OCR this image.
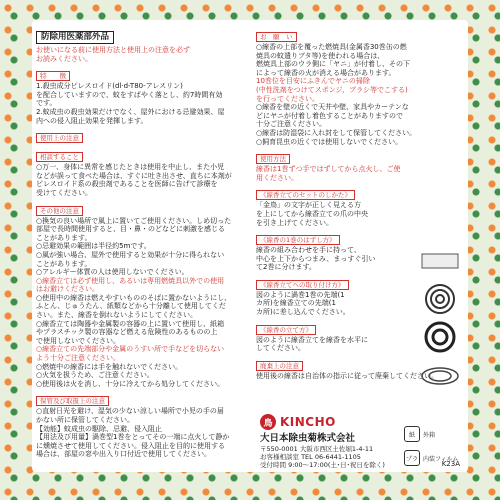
防除用医薬部外品
お使いになる前に使用方法と使用上の注意を必ず
お読みください。
特　　徴

1.殺虫成分ピレスロイド(dl·d-T80-アレスリン)
を配合していますので、蚊をすばやく落とし、約7時間有効
です。
2.蚊成虫の殺虫効果だけでなく、屋外における忌避効果、屋
内への侵入阻止効果を発揮します。
使用上の注意
相談すること

○万一、身体に異常を感じたときは使用を中止し、また小児
などが誤って食べた場合は、すぐに吐き出させ、直ちに本剤が
ピレスロイド系の殺虫剤であることを医師に告げて診療を
受けてください。
その他の注意

○換気の良い場所で風上に置いてご使用ください。しめ切った
部屋で長時間使用すると、目・鼻・のどなどに刺激を感じる
ことがあります。
○忌避効果の範囲は半径約5mです。
○風が強い場合、屋外で使用すると効果が十分に得られない
ことがあります。
○アレルギー体質の人は使用しないでください。
○線香立ては必ず使用し、あるいは専用燃焼具以外での使用
はお避けください。
○使用中の線香は燃えやすいもののそばに置かないようにし、
ふとん、じゅうたん、紙類などから十分離して使用してくだ
さい。また、線香を倒れないようにしてください。
○線香立ては陶器や金属製の容器の上に置いて使用し、紙箱
やプラスチック製の容器など燃える危険性のあるものの上
で使用しないでください。
○線香立ての先端部分や金属のうすい所で手などを切らない
よう十分ご注意ください。
○燃焼中の線香には手を触れないでください。
○火気を扱うため、ご注意ください。
○使用後は火を消し、十分に冷えてから処分してください。
保管及び取扱上の注意

○直射日光を避け、湿気の少ない涼しい場所で小児の手の届
かない所に保管してください。
【効能】蚊成虫の駆除、忌避、侵入阻止
【用法及び用量】渦巻型1巻をとってその一端に点火して静か
に燻焼させて使用してください。侵入阻止を目的に使用する
場合は、部屋の窓や出入り口付近で使用してください。
お　願　い

○線香の上部を覆った燃焼具(金属香30巻缶の燃
焼具の蚊遣りブタ等)を使われる場合は、
燃焼具上部のウラ側に「ヤニ」が付着し、その下
によって線香の火が消える場合があります。
10巻位を目安にふきんでヤニの掃除
(中性洗剤をつけてスポンジ、ブラシ等でこする)
を行ってください。
○線香を壁の近くで天井や壁、家具やカーテンな
どにヤニが付着し着色することがありますので
十分ご注意ください。
○線香は防湿袋に入れ封をして保管してください。
○飼育昆虫の近くでは使用しないでください。
使用方法

線香は1巻ずつ手ではずしてから点火し、ご使
用ください。
《線香立てのセットのしかた》

「金鳥」の文字が正しく見える方
を上にしてから線香立ての爪の中央
を引き上げてください。
《線香の1巻のはずし方》

線香の組み合わせを手に持って、
中心を上下からつまみ、まっすぐ引い
て2巻に分けます。
《線香立てへの取り付け方》

図のように渦巻1巻の先端(1
カ所)を線香立ての先端(1
カ所)に差し込んでください。
《線香の立て方》

図のように線香立てを線香を水平に
してください。
廃棄上の注意

使用後の線香は自治体の指示に従って廃棄してください。
鳥 KINCHO
大日本除虫菊株式会社
〒550-0001 大阪市西区土佐堀1-4-11
お客様相談室 TEL 06-6441-1105
受付時間 9:00〜17:00(土･日･祝日を除く)
紙	外箱
プラ 内装フィルム
K23A
